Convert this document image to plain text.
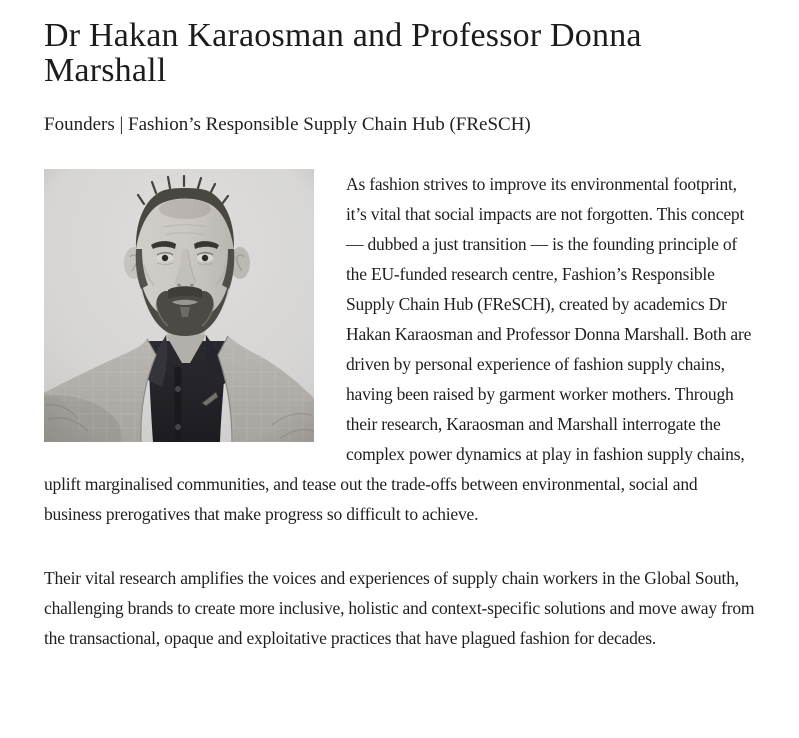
Dr Hakan Karaosman and Professor Donna
Marshall
Founders | Fashion’s Responsible Supply Chain Hub (FReSCH)

As fashion strives to improve its environmental footprint, it’s vital that social impacts are not forgotten. This concept — dubbed a just transition — is the founding principle of the EU-funded research centre, Fashion’s Responsible Supply Chain Hub (FReSCH), created by academics Dr Hakan Karaosman and Professor Donna Marshall. Both are driven by personal experience of fashion supply chains, having been raised by garment worker mothers. Through their research, Karaosman and Marshall interrogate the complex power dynamics at play in fashion supply chains, uplift marginalised communities, and tease out the trade-offs between environmental, social and business prerogatives that make progress so difficult to achieve.

Their vital research amplifies the voices and experiences of supply chain workers in the Global South, challenging brands to create more inclusive, holistic and context-specific solutions and move away from the transactional, opaque and exploitative practices that have plagued fashion for decades.
